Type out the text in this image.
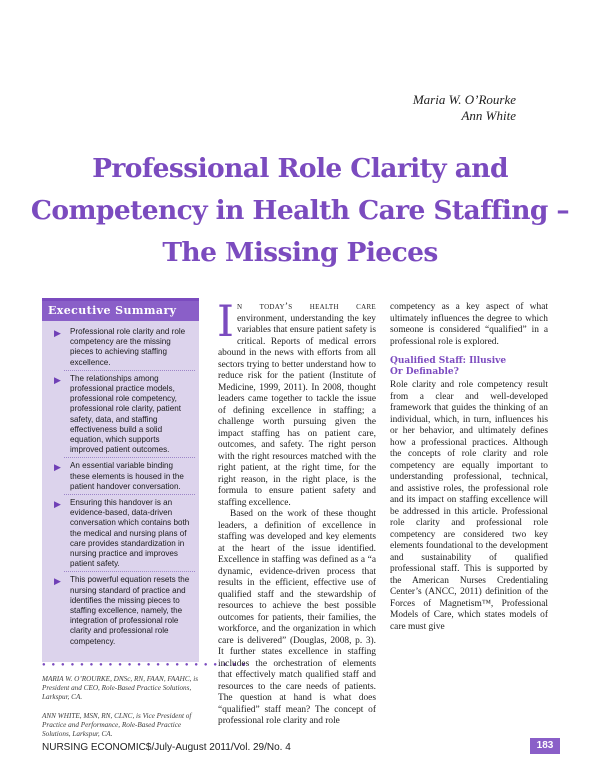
Maria W. O’Rourke
Ann White
Professional Role Clarity and
Competency in Health Care Staffing –
The Missing Pieces
Executive Summary
▶ Professional role clarity and role competency are the missing pieces to achieving staffing excellence.
▶ The relationships among professional practice models, professional role competency, professional role clarity, patient safety, data, and staffing effectiveness build a solid equation, which supports improved patient outcomes.
▶ An essential variable binding these elements is housed in the patient handover conversation.
▶ Ensuring this handover is an evidence-based, data-driven conversation which contains both the medical and nursing plans of care provides standardization in nursing practice and improves patient safety.
▶ This powerful equation resets the nursing standard of practice and identifies the missing pieces to staffing excellence, namely, the integration of professional role clarity and professional role competency.
● ● ● ● ● ● ● ● ● ● ● ● ● ● ● ● ● ● ● ● ● ●
MARIA W. O’ROURKE, DNSc, RN, FAAN, FAAHC, is President and CEO, Role-Based Practice Solutions, Larkspur, CA.
ANN WHITE, MSN, RN, CLNC, is Vice President of Practice and Performance, Role-Based Practice Solutions, Larkspur, CA.

In today’s health care environment, understanding the key variables that ensure patient safety is critical. Reports of medical errors abound in the news with efforts from all sectors trying to better understand how to reduce risk for the patient (Institute of Medicine, 1999, 2011). In 2008, thought leaders came together to tackle the issue of defining excellence in staffing; a challenge worth pursuing given the impact staffing has on patient care, outcomes, and safety. The right person with the right resources matched with the right patient, at the right time, for the right reason, in the right place, is the formula to ensure patient safety and staffing excellence.

Based on the work of these thought leaders, a definition of excellence in staffing was developed and key elements at the heart of the issue identified. Excellence in staffing was defined as a “a dynamic, evidence-driven process that results in the efficient, effective use of qualified staff and the stewardship of resources to achieve the best possible outcomes for patients, their families, the workforce, and the organization in which care is delivered” (Douglas, 2008, p. 3). It further states excellence in staffing includes the orchestration of elements that effectively match qualified staff and resources to the care needs of patients. The question at hand is what does “qualified” staff mean? The concept of professional role clarity and role

competency as a key aspect of what ultimately influences the degree to which someone is considered “qualified” in a professional role is explored.

Qualified Staff: Illusive
Or Definable?

Role clarity and role competency result from a clear and well-developed framework that guides the thinking of an individual, which, in turn, influences his or her behavior, and ultimately defines how a professional practices. Although the concepts of role clarity and role competency are equally important to understanding professional, technical, and assistive roles, the professional role and its impact on staffing excellence will be addressed in this article. Professional role clarity and professional role competency are considered two key elements foundational to the development and sustainability of qualified professional staff. This is supported by the American Nurses Credentialing Center’s (ANCC, 2011) definition of the Forces of Magnetism™, Professional Models of Care, which states models of care must give

NURSING ECONOMIC$/July-August 2011/Vol. 29/No. 4	183
